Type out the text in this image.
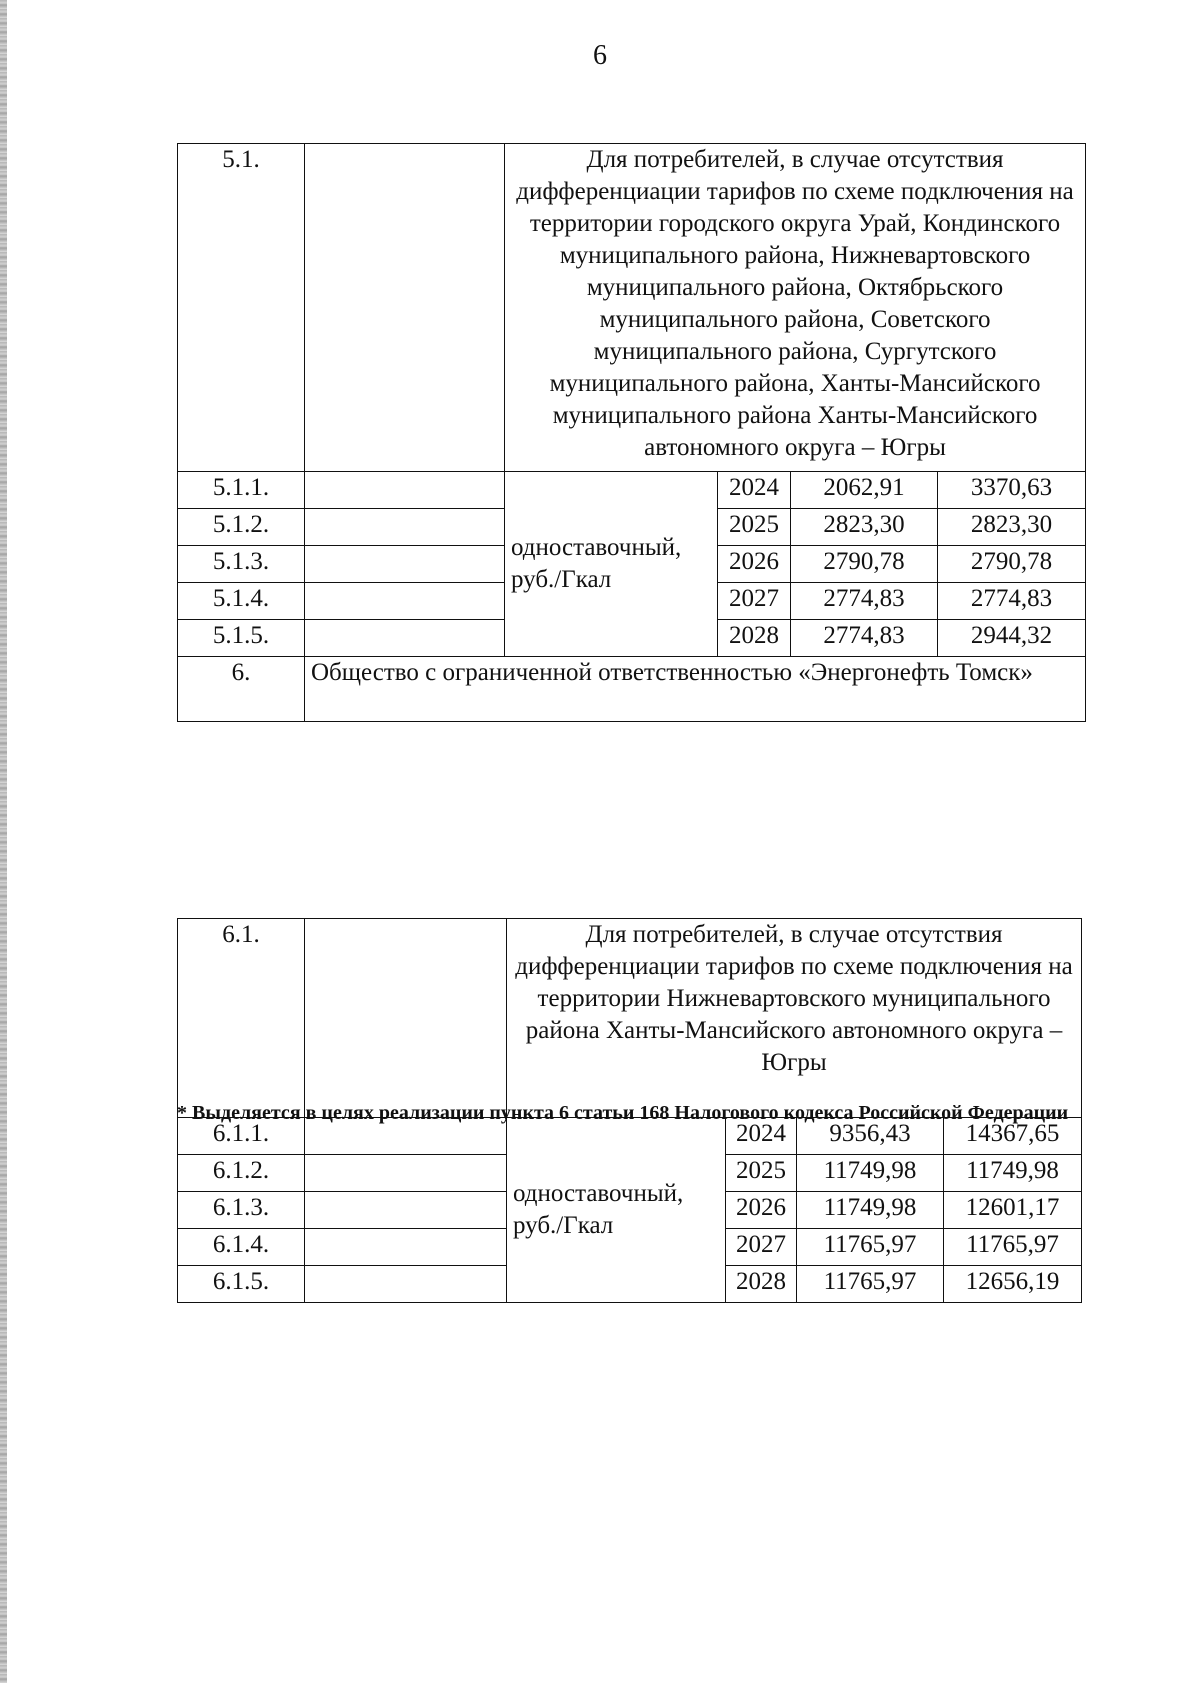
6
5.1.		Для потребителей, в случае отсутствия дифференциации тарифов по схеме подключения на территории городского округа Урай, Кондинского муниципального района, Нижневартовского муниципального района, Октябрьского муниципального района, Советского муниципального района, Сургутского муниципального района, Ханты-Мансийского муниципального района Ханты-Мансийского автономного округа – Югры			
5.1.1.		одноставочный, руб./Гкал	2024	2062,91	3370,63
5.1.2.			2025	2823,30	2823,30
5.1.3.			2026	2790,78	2790,78
5.1.4.			2027	2774,83	2774,83
5.1.5.			2028	2774,83	2944,32
6.	Общество с ограниченной ответственностью «Энергонефть Томск»				
6.1.		Для потребителей, в случае отсутствия дифференциации тарифов по схеме подключения на территории Нижневартовского муниципального района Ханты-Мансийского автономного округа – Югры			
6.1.1.		одноставочный, руб./Гкал	2024	9356,43	14367,65
6.1.2.			2025	11749,98	11749,98
6.1.3.			2026	11749,98	12601,17
6.1.4.			2027	11765,97	11765,97
6.1.5.			2028	11765,97	12656,19
* Выделяется в целях реализации пункта 6 статьи 168 Налогового кодекса Российской Федерации
